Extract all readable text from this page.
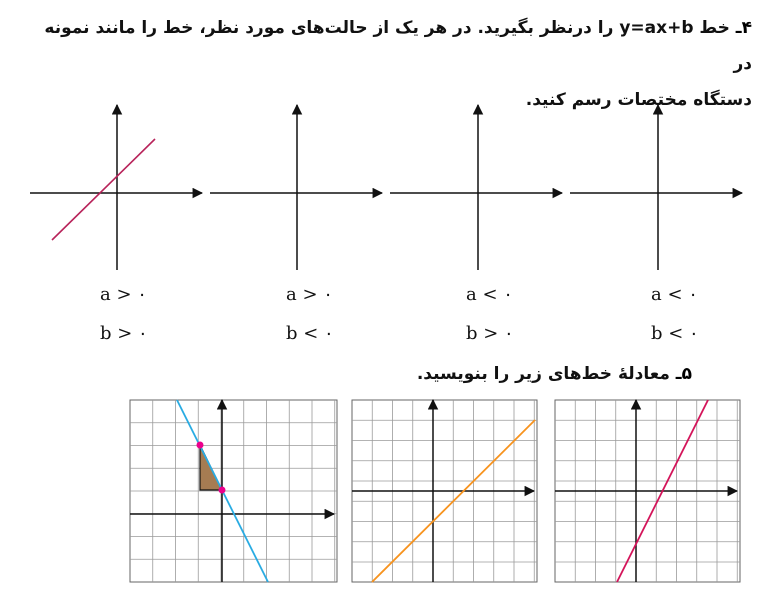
۴ـ خط y=ax+b را درنظر بگیرید. در هر یک از حالت‌های مورد نظر، خط را مانند نمونه در
دستگاه مختصات رسم کنید.
a > ۰
b > ۰
a > ۰
b < ۰
a < ۰
b > ۰
a < ۰
b < ۰
۵ـ معادلهٔ خط‌های زیر را بنویسید.
